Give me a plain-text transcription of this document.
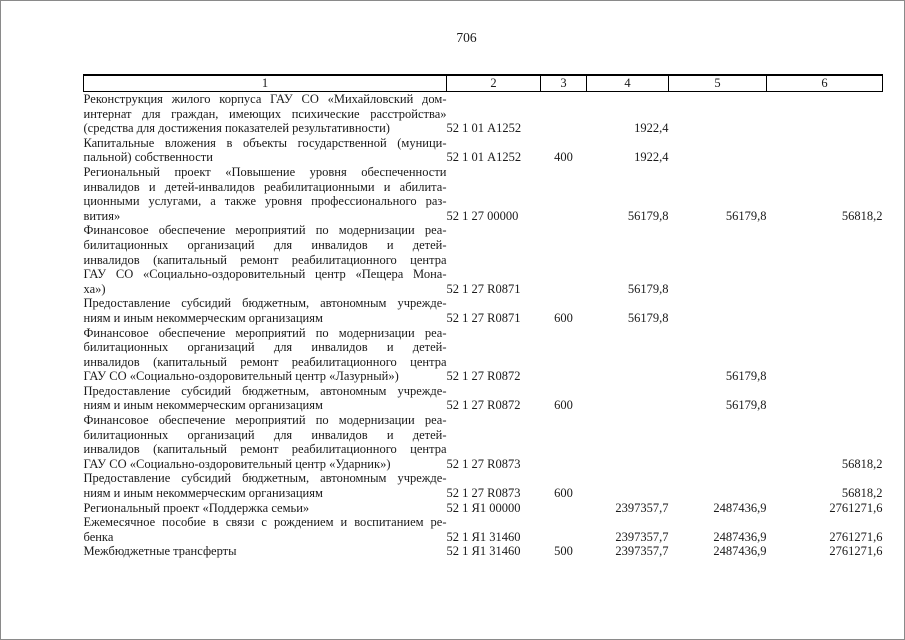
706
1	2	3	4	5	6

Реконструкция жилого корпуса ГАУ СО «Михайловский дом-
интернат для граждан, имеющих психические расстройства»
(средства для достижения показателей результативности)	52 1 01 А1252		1922,4		

Капитальные вложения в объекты государственной (муници-
пальной) собственности	52 1 01 А1252	400	1922,4		

Региональный проект «Повышение уровня обеспеченности
инвалидов и детей-инвалидов реабилитационными и абилита-
ционными услугами, а также уровня профессионального раз-
вития»	52 1 27 00000		56179,8	56179,8	56818,2

Финансовое обеспечение мероприятий по модернизации реа-
билитационных организаций для инвалидов и детей-
инвалидов (капитальный ремонт реабилитационного центра
ГАУ СО «Социально-оздоровительный центр «Пещера Мона-
ха»)	52 1 27 R0871		56179,8		

Предоставление субсидий бюджетным, автономным учрежде-
ниям и иным некоммерческим организациям	52 1 27 R0871	600	56179,8		

Финансовое обеспечение мероприятий по модернизации реа-
билитационных организаций для инвалидов и детей-
инвалидов (капитальный ремонт реабилитационного центра
ГАУ СО «Социально-оздоровительный центр «Лазурный»)	52 1 27 R0872			56179,8	

Предоставление субсидий бюджетным, автономным учрежде-
ниям и иным некоммерческим организациям	52 1 27 R0872	600		56179,8	

Финансовое обеспечение мероприятий по модернизации реа-
билитационных организаций для инвалидов и детей-
инвалидов (капитальный ремонт реабилитационного центра
ГАУ СО «Социально-оздоровительный центр «Ударник»)	52 1 27 R0873				56818,2

Предоставление субсидий бюджетным, автономным учрежде-
ниям и иным некоммерческим организациям	52 1 27 R0873	600			56818,2

Региональный проект «Поддержка семьи»	52 1 Я1 00000		2397357,7	2487436,9	2761271,6

Ежемесячное пособие в связи с рождением и воспитанием ре-
бенка	52 1 Я1 31460		2397357,7	2487436,9	2761271,6

Межбюджетные трансферты	52 1 Я1 31460	500	2397357,7	2487436,9	2761271,6
